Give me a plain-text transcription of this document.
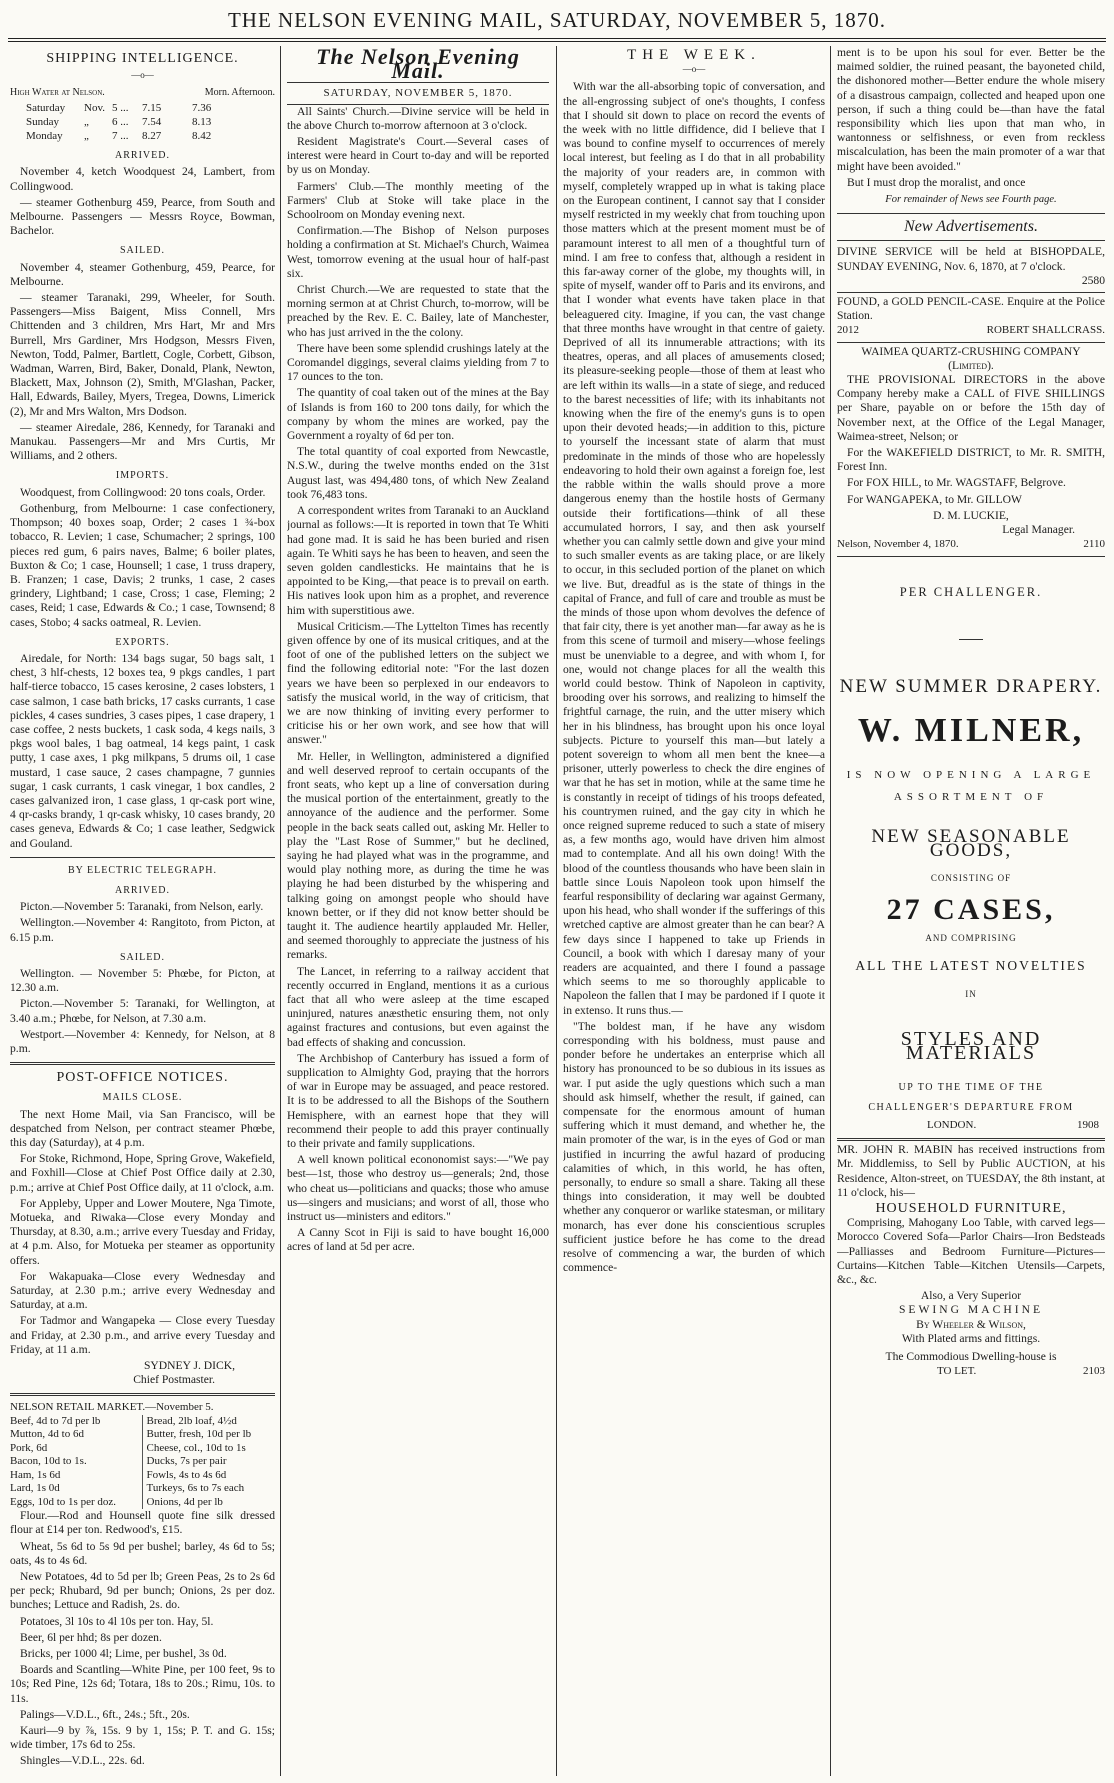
THE NELSON EVENING MAIL, SATURDAY, NOVEMBER 5, 1870.
SHIPPING INTELLIGENCE.
—o—
High Water at Nelson.	Morn. Afternoon.
Saturday	Nov. 5 ...	7.15	7.36
Sunday	„	6 ...	7.54	8.13
Monday	„	7 ...	8.27	8.42
ARRIVED.

November 4, ketch Woodquest 24, Lambert, from Collingwood.

— steamer Gothenburg 459, Pearce, from South and Melbourne. Passengers — Messrs Royce, Bowman, Bachelor.

SAILED.

November 4, steamer Gothenburg, 459, Pearce, for Melbourne.

— steamer Taranaki, 299, Wheeler, for South. Passengers—Miss Baigent, Miss Connell, Mrs Chittenden and 3 children, Mrs Hart, Mr and Mrs Burrell, Mrs Gardiner, Mrs Hodgson, Messrs Fiven, Newton, Todd, Palmer, Bartlett, Cogle, Corbett, Gibson, Wadman, Warren, Bird, Baker, Donald, Plank, Newton, Blackett, Max, Johnson (2), Smith, M'Glashan, Packer, Hall, Edwards, Bailey, Myers, Tregea, Downs, Limerick (2), Mr and Mrs Walton, Mrs Dodson.

— steamer Airedale, 286, Kennedy, for Taranaki and Manukau. Passengers—Mr and Mrs Curtis, Mr Williams, and 2 others.

IMPORTS.

Woodquest, from Collingwood: 20 tons coals, Order.

Gothenburg, from Melbourne: 1 case confectionery, Thompson; 40 boxes soap, Order; 2 cases 1 ¾-box tobacco, R. Levien; 1 case, Schumacher; 2 springs, 100 pieces red gum, 6 pairs naves, Balme; 6 boiler plates, Buxton & Co; 1 case, Hounsell; 1 case, 1 truss drapery, B. Franzen; 1 case, Davis; 2 trunks, 1 case, 2 cases grindery, Lightband; 1 case, Cross; 1 case, Fleming; 2 cases, Reid; 1 case, Edwards & Co.; 1 case, Townsend; 8 cases, Stobo; 4 sacks oatmeal, R. Levien.

EXPORTS.

Airedale, for North: 134 bags sugar, 50 bags salt, 1 chest, 3 hlf-chests, 12 boxes tea, 9 pkgs candles, 1 part half-tierce tobacco, 15 cases kerosine, 2 cases lobsters, 1 case salmon, 1 case bath bricks, 17 casks currants, 1 case pickles, 4 cases sundries, 3 cases pipes, 1 case drapery, 1 case coffee, 2 nests buckets, 1 cask soda, 4 kegs nails, 3 pkgs wool bales, 1 bag oatmeal, 14 kegs paint, 1 cask putty, 1 case axes, 1 pkg milkpans, 5 drums oil, 1 case mustard, 1 case sauce, 2 cases champagne, 7 gunnies sugar, 1 cask currants, 1 cask vinegar, 1 box candles, 2 cases galvanized iron, 1 case glass, 1 qr-cask port wine, 4 qr-casks brandy, 1 qr-cask whisky, 10 cases brandy, 20 cases geneva, Edwards & Co; 1 case leather, Sedgwick and Gouland.

BY ELECTRIC TELEGRAPH.
ARRIVED.

Picton.—November 5: Taranaki, from Nelson, early.

Wellington.—November 4: Rangitoto, from Picton, at 6.15 p.m.

SAILED.

Wellington. — November 5: Phœbe, for Picton, at 12.30 a.m.

Picton.—November 5: Taranaki, for Wellington, at 3.40 a.m.; Phœbe, for Nelson, at 7.30 a.m.

Westport.—November 4: Kennedy, for Nelson, at 8 p.m.

POST-OFFICE NOTICES.
MAILS CLOSE.

The next Home Mail, via San Francisco, will be despatched from Nelson, per contract steamer Phœbe, this day (Saturday), at 4 p.m.

For Stoke, Richmond, Hope, Spring Grove, Wakefield, and Foxhill—Close at Chief Post Office daily at 2.30, p.m.; arrive at Chief Post Office daily, at 11 o'clock, a.m.

For Appleby, Upper and Lower Moutere, Nga Timote, Motueka, and Riwaka—Close every Monday and Thursday, at 8.30, a.m.; arrive every Tuesday and Friday, at 4 p.m. Also, for Motueka per steamer as opportunity offers.

For Wakapuaka—Close every Wednesday and Saturday, at 2.30 p.m.; arrive every Wednesday and Saturday, at a.m.

For Tadmor and Wangapeka — Close every Tuesday and Friday, at 2.30 p.m., and arrive every Tuesday and Friday, at 11 a.m.

SYDNEY J. DICK,
Chief Postmaster.
NELSON RETAIL MARKET.—November 5.
Beef, 4d to 7d per lb	Bread, 2lb loaf, 4½d
Mutton, 4d to 6d	Butter, fresh, 10d per lb
Pork, 6d	Cheese, col., 10d to 1s
Bacon, 10d to 1s.	Ducks, 7s per pair
Ham, 1s 6d	Fowls, 4s to 4s 6d
Lard, 1s 0d	Turkeys, 6s to 7s each
Eggs, 10d to 1s per doz.	Onions, 4d per lb

Flour.—Rod and Hounsell quote fine silk dressed flour at £14 per ton. Redwood's, £15.

Wheat, 5s 6d to 5s 9d per bushel; barley, 4s 6d to 5s; oats, 4s to 4s 6d.

New Potatoes, 4d to 5d per lb; Green Peas, 2s to 2s 6d per peck; Rhubard, 9d per bunch; Onions, 2s per doz. bunches; Lettuce and Radish, 2s. do.

Potatoes, 3l 10s to 4l 10s per ton. Hay, 5l.

Beer, 6l per hhd; 8s per dozen.

Bricks, per 1000 4l; Lime, per bushel, 3s 0d.

Boards and Scantling—White Pine, per 100 feet, 9s to 10s; Red Pine, 12s 6d; Totara, 18s to 20s.; Rimu, 10s. to 11s.

Palings—V.D.L., 6ft., 24s.; 5ft., 20s.

Kauri—9 by ⅞, 15s. 9 by 1, 15s; P. T. and G. 15s; wide timber, 17s 6d to 25s.

Shingles—V.D.L., 22s. 6d.

The Nelson Evening Mail.
SATURDAY, NOVEMBER 5, 1870.

All Saints' Church.—Divine service will be held in the above Church to-morrow afternoon at 3 o'clock.

Resident Magistrate's Court.—Several cases of interest were heard in Court to-day and will be reported by us on Monday.

Farmers' Club.—The monthly meeting of the Farmers' Club at Stoke will take place in the Schoolroom on Monday evening next.

Confirmation.—The Bishop of Nelson purposes holding a confirmation at St. Michael's Church, Waimea West, tomorrow evening at the usual hour of half-past six.

Christ Church.—We are requested to state that the morning sermon at at Christ Church, to-morrow, will be preached by the Rev. E. C. Bailey, late of Manchester, who has just arrived in the the colony.

There have been some splendid crushings lately at the Coromandel diggings, several claims yielding from 7 to 17 ounces to the ton.

The quantity of coal taken out of the mines at the Bay of Islands is from 160 to 200 tons daily, for which the company by whom the mines are worked, pay the Government a royalty of 6d per ton.

The total quantity of coal exported from Newcastle, N.S.W., during the twelve months ended on the 31st August last, was 494,480 tons, of which New Zealand took 76,483 tons.

A correspondent writes from Taranaki to an Auckland journal as follows:—It is reported in town that Te Whiti had gone mad. It is said he has been buried and risen again. Te Whiti says he has been to heaven, and seen the seven golden candlesticks. He maintains that he is appointed to be King,—that peace is to prevail on earth. His natives look upon him as a prophet, and reverence him with superstitious awe.

Musical Criticism.—The Lyttelton Times has recently given offence by one of its musical critiques, and at the foot of one of the published letters on the subject we find the following editorial note: "For the last dozen years we have been so perplexed in our endeavors to satisfy the musical world, in the way of criticism, that we are now thinking of inviting every performer to criticise his or her own work, and see how that will answer."

Mr. Heller, in Wellington, administered a dignified and well deserved reproof to certain occupants of the front seats, who kept up a line of conversation during the musical portion of the entertainment, greatly to the annoyance of the audience and the performer. Some people in the back seats called out, asking Mr. Heller to play the "Last Rose of Summer," but he declined, saying he had played what was in the programme, and would play nothing more, as during the time he was playing he had been disturbed by the whispering and talking going on amongst people who should have known better, or if they did not know better should be taught it. The audience heartily applauded Mr. Heller, and seemed thoroughly to appreciate the justness of his remarks.

The Lancet, in referring to a railway accident that recently occurred in England, mentions it as a curious fact that all who were asleep at the time escaped uninjured, natures anæsthetic ensuring them, not only against fractures and contusions, but even against the bad effects of shaking and concussion.

The Archbishop of Canterbury has issued a form of supplication to Almighty God, praying that the horrors of war in Europe may be assuaged, and peace restored. It is to be addressed to all the Bishops of the Southern Hemisphere, with an earnest hope that they will recommend their people to add this prayer continually to their private and family supplications.

A well known political econonomist says:—"We pay best—1st, those who destroy us—generals; 2nd, those who cheat us—politicians and quacks; those who amuse us—singers and musicians; and worst of all, those who instruct us—ministers and editors."

A Canny Scot in Fiji is said to have bought 16,000 acres of land at 5d per acre.

THE WEEK.
—o—

With war the all-absorbing topic of conversation, and the all-engrossing subject of one's thoughts, I confess that I should sit down to place on record the events of the week with no little diffidence, did I believe that I was bound to confine myself to occurrences of merely local interest, but feeling as I do that in all probability the majority of your readers are, in common with myself, completely wrapped up in what is taking place on the European continent, I cannot say that I consider myself restricted in my weekly chat from touching upon those matters which at the present moment must be of paramount interest to all men of a thoughtful turn of mind. I am free to confess that, although a resident in this far-away corner of the globe, my thoughts will, in spite of myself, wander off to Paris and its environs, and that I wonder what events have taken place in that beleaguered city. Imagine, if you can, the vast change that three months have wrought in that centre of gaiety. Deprived of all its innumerable attractions; with its theatres, operas, and all places of amusements closed; its pleasure-seeking people—those of them at least who are left within its walls—in a state of siege, and reduced to the barest necessities of life; with its inhabitants not knowing when the fire of the enemy's guns is to open upon their devoted heads;—in addition to this, picture to yourself the incessant state of alarm that must predominate in the minds of those who are hopelessly endeavoring to hold their own against a foreign foe, lest the rabble within the walls should prove a more dangerous enemy than the hostile hosts of Germany outside their fortifications—think of all these accumulated horrors, I say, and then ask yourself whether you can calmly settle down and give your mind to such smaller events as are taking place, or are likely to occur, in this secluded portion of the planet on which we live. But, dreadful as is the state of things in the capital of France, and full of care and trouble as must be the minds of those upon whom devolves the defence of that fair city, there is yet another man—far away as he is from this scene of turmoil and misery—whose feelings must be unenviable to a degree, and with whom I, for one, would not change places for all the wealth this world could bestow. Think of Napoleon in captivity, brooding over his sorrows, and realizing to himself the frightful carnage, the ruin, and the utter misery which her in his blindness, has brought upon his once loyal subjects. Picture to yourself this man—but lately a potent sovereign to whom all men bent the knee—a prisoner, utterly powerless to check the dire engines of war that he has set in motion, while at the same time he is constantly in receipt of tidings of his troops defeated, his countrymen ruined, and the gay city in which he once reigned supreme reduced to such a state of misery as, a few months ago, would have driven him almost mad to contemplate. And all his own doing! With the blood of the countless thousands who have been slain in battle since Louis Napoleon took upon himself the fearful responsibility of declaring war against Germany, upon his head, who shall wonder if the sufferings of this wretched captive are almost greater than he can bear? A few days since I happened to take up Friends in Council, a book with which I daresay many of your readers are acquainted, and there I found a passage which seems to me so thoroughly applicable to Napoleon the fallen that I may be pardoned if I quote it in extenso. It runs thus.—

"The boldest man, if he have any wisdom corresponding with his boldness, must pause and ponder before he undertakes an enterprise which all history has pronounced to be so dubious in its issues as war. I put aside the ugly questions which such a man should ask himself, whether the result, if gained, can compensate for the enormous amount of human suffering which it must demand, and whether he, the main promoter of the war, is in the eyes of God or man justified in incurring the awful hazard of producing calamities of which, in this world, he has often, personally, to endure so small a share. Taking all these things into consideration, it may well be doubted whether any conqueror or warlike statesman, or military monarch, has ever done his conscientious scruples sufficient justice before he has come to the dread resolve of commencing a war, the burden of which commence-

ment is to be upon his soul for ever. Better be the maimed soldier, the ruined peasant, the bayoneted child, the dishonored mother—Better endure the whole misery of a disastrous campaign, collected and heaped upon one person, if such a thing could be—than have the fatal responsibility which lies upon that man who, in wantonness or selfishness, or even from reckless miscalculation, has been the main promoter of a war that might have been avoided."

But I must drop the moralist, and once

For remainder of News see Fourth page.
New Advertisements.
DIVINE SERVICE will be held at BISHOPDALE, SUNDAY EVENING, Nov. 6, 1870, at 7 o'clock.
2580
FOUND, a GOLD PENCIL-CASE. Enquire at the Police Station.
2012	ROBERT SHALLCRASS.
WAIMEA QUARTZ-CRUSHING COMPANY
(Limited).

THE PROVISIONAL DIRECTORS in the above Company hereby make a CALL of FIVE SHILLINGS per Share, payable on or before the 15th day of November next, at the Office of the Legal Manager, Waimea-street, Nelson; or

For the WAKEFIELD DISTRICT, to Mr. R. SMITH, Forest Inn.

For FOX HILL, to Mr. WAGSTAFF, Belgrove.

For WANGAPEKA, to Mr. GILLOW

D. M. LUCKIE,
Legal Manager.
Nelson, November 4, 1870.	2110
PER CHALLENGER.
NEW SUMMER DRAPERY.
W. MILNER,
IS NOW OPENING A LARGE
ASSORTMENT OF
NEW SEASONABLE GOODS,
CONSISTING OF
27 CASES,
AND COMPRISING
ALL THE LATEST NOVELTIES
IN
STYLES AND MATERIALS
UP TO THE TIME OF THE
CHALLENGER'S DEPARTURE FROM
LONDON.	1908

MR. JOHN R. MABIN has received instructions from Mr. Middlemiss, to Sell by Public AUCTION, at his Residence, Alton-street, on TUESDAY, the 8th instant, at 11 o'clock, his—

HOUSEHOLD FURNITURE,

Comprising, Mahogany Loo Table, with carved legs—Morocco Covered Sofa—Parlor Chairs—Iron Bedsteads—Palliasses and Bedroom Furniture—Pictures—Curtains—Kitchen Table—Kitchen Utensils—Carpets, &c., &c.

Also, a Very Superior
SEWING MACHINE
By Wheeler & Wilson,
With Plated arms and fittings.
The Commodious Dwelling-house is
TO LET.	2103
